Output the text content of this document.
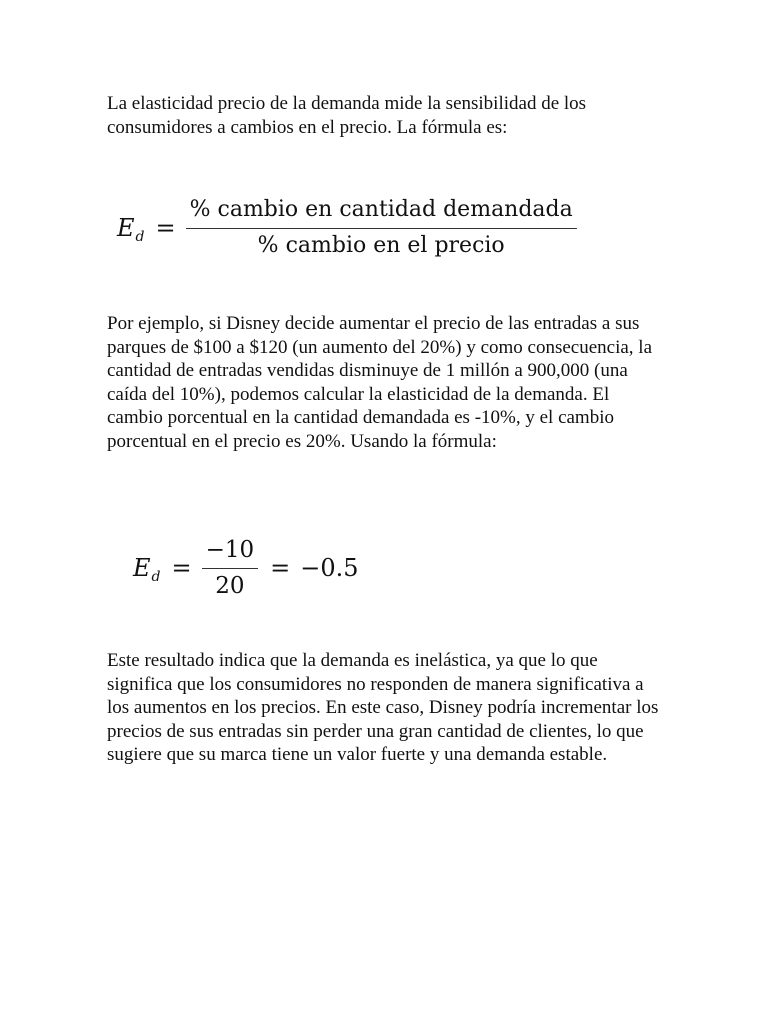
La elasticidad precio de la demanda mide la sensibilidad de los consumidores a cambios en el precio. La fórmula es:

$E_d = \frac{\text{\% cambio en cantidad demandada}}{\text{\% cambio en el precio}}$

Por ejemplo, si Disney decide aumentar el precio de las entradas a sus parques de $100 a $120 (un aumento del 20%) y como consecuencia, la cantidad de entradas vendidas disminuye de 1 millón a 900,000 (una caída del 10%), podemos calcular la elasticidad de la demanda. El cambio porcentual en la cantidad demandada es -10%, y el cambio porcentual en el precio es 20%. Usando la fórmula:

$E_d = \frac{-10}{20} = -0.5$

Este resultado indica que la demanda es inelástica, ya que lo que significa que los consumidores no responden de manera significativa a los aumentos en los precios. En este caso, Disney podría incrementar los precios de sus entradas sin perder una gran cantidad de clientes, lo que sugiere que su marca tiene un valor fuerte y una demanda estable.
